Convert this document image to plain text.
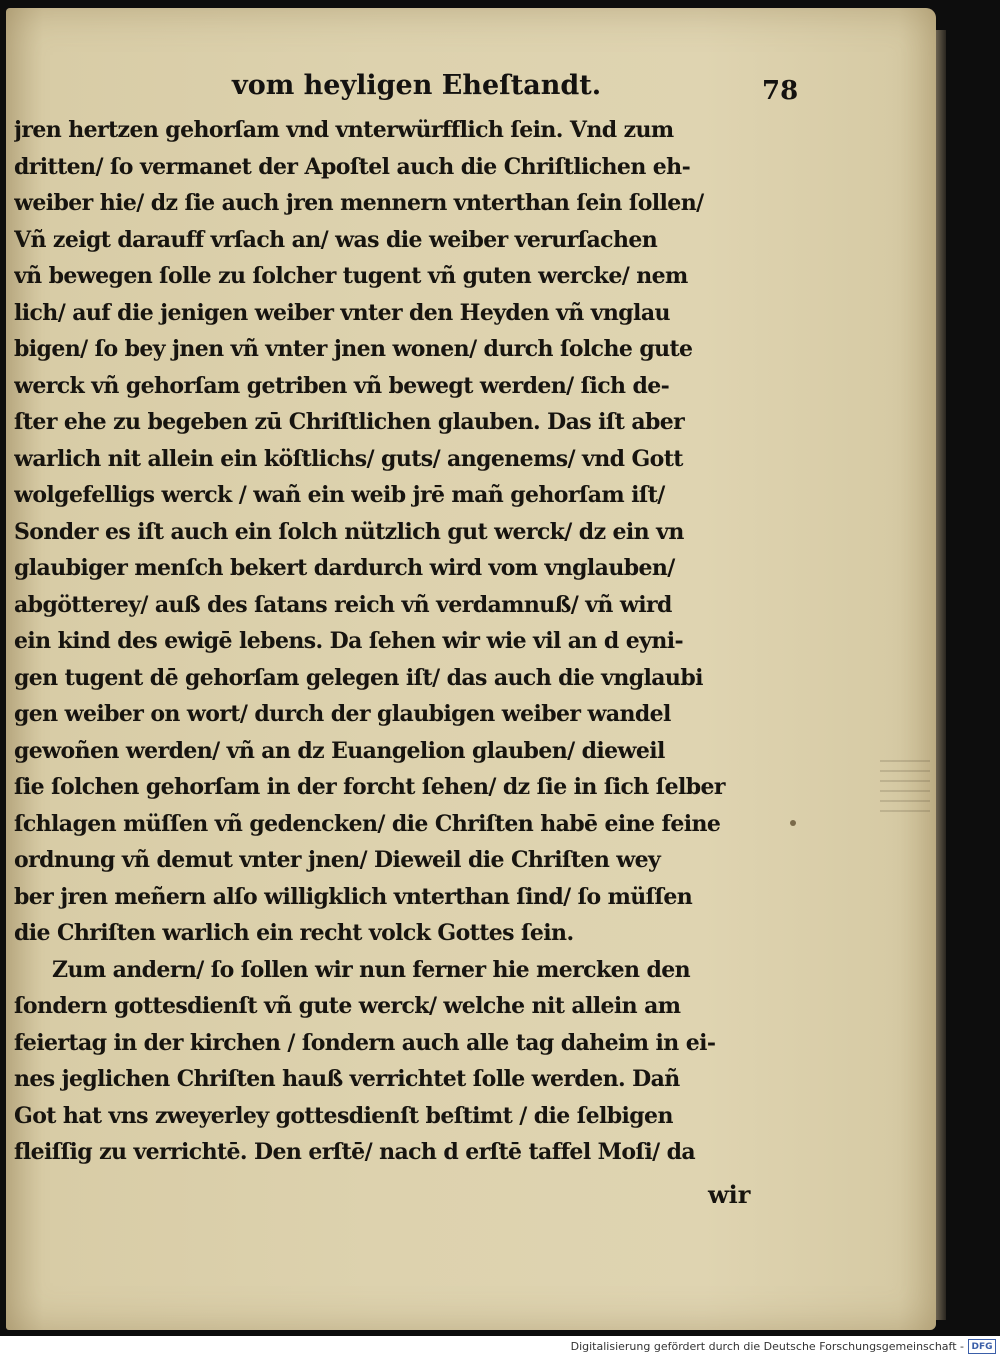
vom heyligen Eheſtandt.	78
jren hertzen gehorſam vnd vnterwürfflich ſein. Vnd zum
dritten/ ſo vermanet der Apoſtel auch die Chriſtlichen eh-
weiber hie/ dz ſie auch jren mennern vnterthan ſein ſollen/
Vñ zeigt darauff vrſach an/ was die weiber verurſachen
vñ bewegen ſolle zu ſolcher tugent vñ guten wercke/ nem
lich/ auf die jenigen weiber vnter den Heyden vñ vnglau
bigen/ ſo bey jnen vñ vnter jnen wonen/ durch ſolche gute
werck vñ gehorſam getriben vñ bewegt werden/ ſich de-
ſter ehe zu begeben zū Chriſtlichen glauben. Das iſt aber
warlich nit allein ein köſtlichs/ guts/ angenems/ vnd Gott
wolgefelligs werck / wañ ein weib jrē mañ gehorſam iſt/
Sonder es iſt auch ein ſolch nützlich gut werck/ dz ein vn
glaubiger menſch bekert dardurch wird vom vnglauben/
abgötterey/ auß des ſatans reich vñ verdamnuß/ vñ wird
ein kind des ewigē lebens. Da ſehen wir wie vil an d eyni-
gen tugent dē gehorſam gelegen iſt/ das auch die vnglaubi
gen weiber on wort/ durch der glaubigen weiber wandel
gewoñen werden/ vñ an dz Euangelion glauben/ dieweil
ſie ſolchen gehorſam in der forcht ſehen/ dz ſie in ſich ſelber
ſchlagen müſſen vñ gedencken/ die Chriſten habē eine feine
ordnung vñ demut vnter jnen/ Dieweil die Chriſten wey
ber jren meñern alſo willigklich vnterthan ſind/ ſo müſſen
die Chriſten warlich ein recht volck Gottes ſein.
Zum andern/ ſo ſollen wir nun ferner hie mercken den
ſondern gottesdienſt vñ gute werck/ welche nit allein am
feiertag in der kirchen / ſondern auch alle tag daheim in ei-
nes jeglichen Chriſten hauß verrichtet ſolle werden. Dañ
Got hat vns zweyerley gottesdienſt beſtimt / die ſelbigen
fleiſſig zu verrichtē. Den erſtē/ nach d erſtē taffel Moſi/ da
wir
Digitalisierung gefördert durch die Deutsche Forschungsgemeinschaft - DFG
